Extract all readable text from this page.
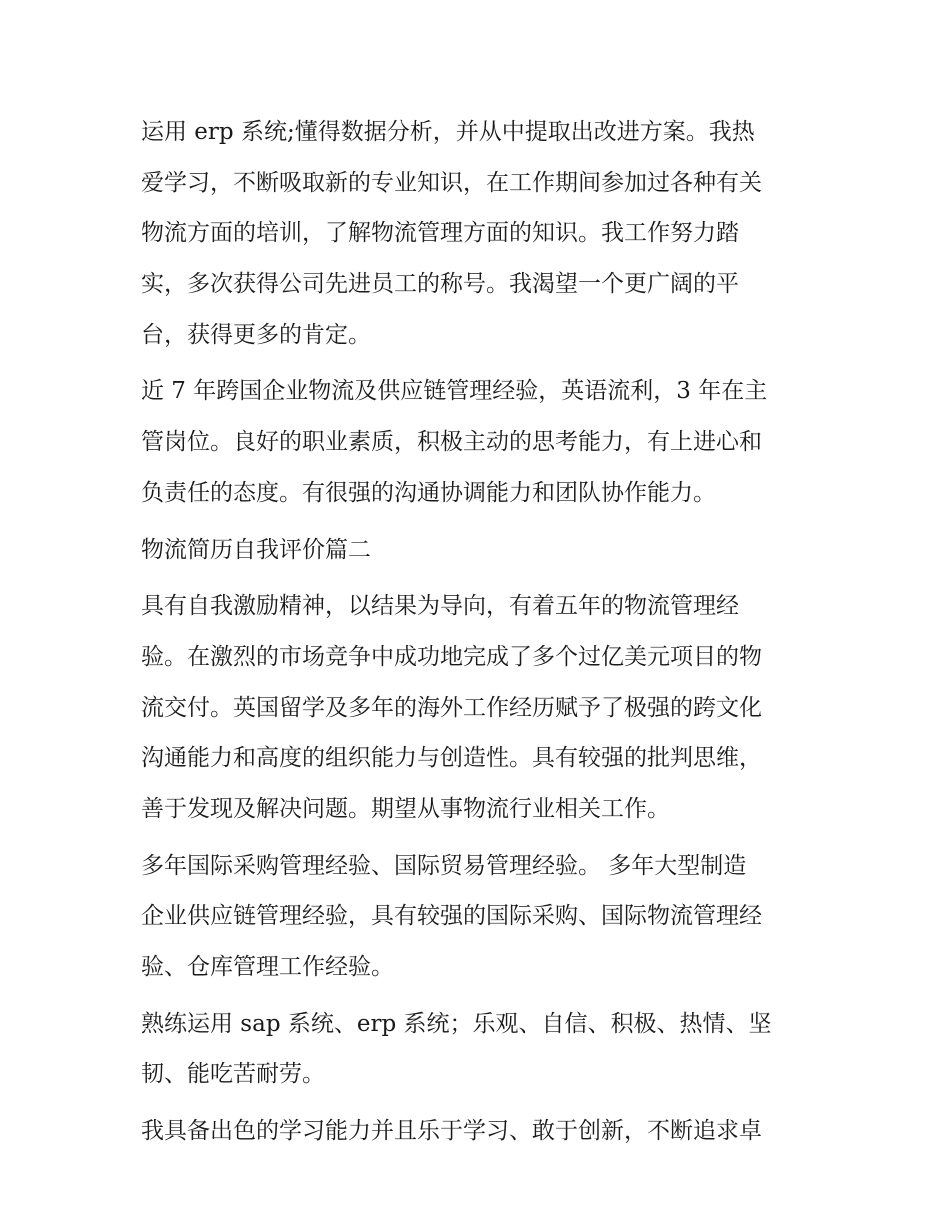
运用 erp 系统;懂得数据分析，并从中提取出改进方案。我热
爱学习，不断吸取新的专业知识，在工作期间参加过各种有关
物流方面的培训，了解物流管理方面的知识。我工作努力踏
实，多次获得公司先进员工的称号。我渴望一个更广阔的平
台，获得更多的肯定。

近 7 年跨国企业物流及供应链管理经验，英语流利，3 年在主
管岗位。良好的职业素质，积极主动的思考能力，有上进心和
负责任的态度。有很强的沟通协调能力和团队协作能力。

物流简历自我评价篇二

具有自我激励精神，以结果为导向，有着五年的物流管理经
验。在激烈的市场竞争中成功地完成了多个过亿美元项目的物
流交付。英国留学及多年的海外工作经历赋予了极强的跨文化
沟通能力和高度的组织能力与创造性。具有较强的批判思维，
善于发现及解决问题。期望从事物流行业相关工作。

多年国际采购管理经验、国际贸易管理经验。 多年大型制造
企业供应链管理经验，具有较强的国际采购、国际物流管理经
验、仓库管理工作经验。

熟练运用 sap 系统、erp 系统；乐观、自信、积极、热情、坚
韧、能吃苦耐劳。

我具备出色的学习能力并且乐于学习、敢于创新，不断追求卓
